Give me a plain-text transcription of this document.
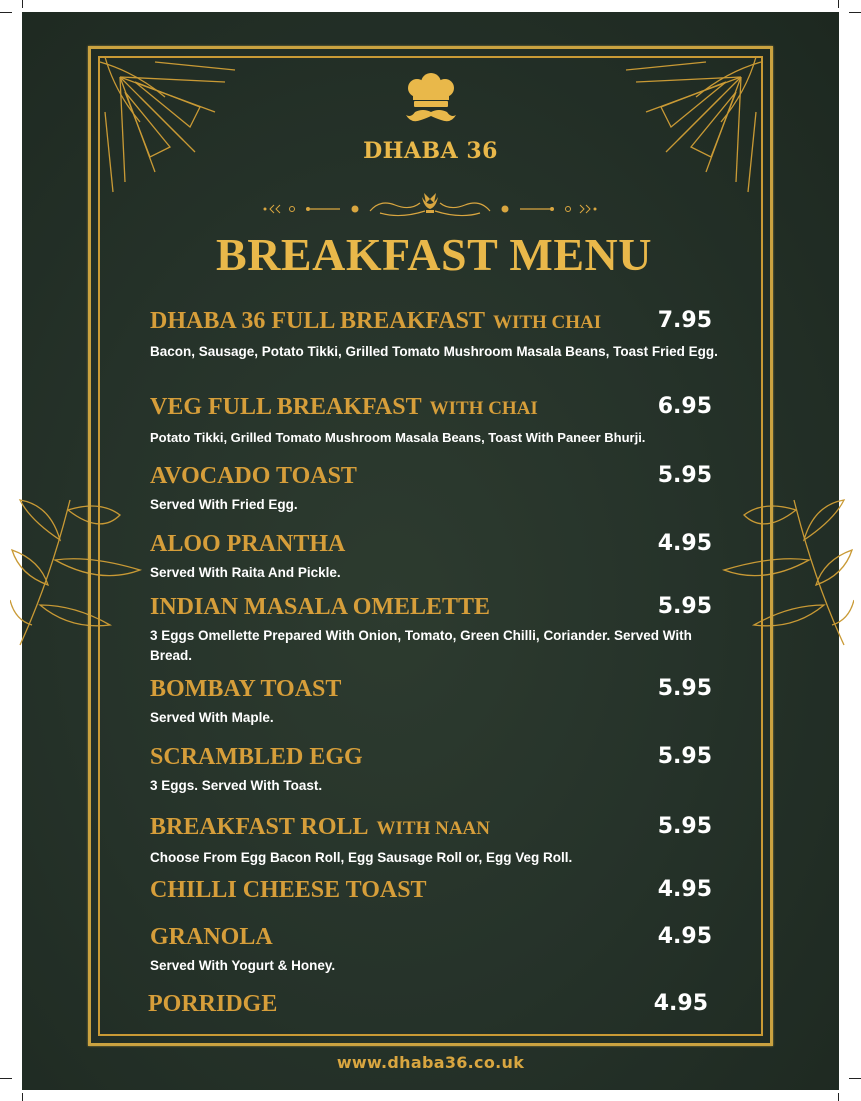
DHABA 36
BREAKFAST MENU
DHABA 36 FULL BREAKFAST WITH CHAI	7.95
Bacon, Sausage, Potato Tikki, Grilled Tomato Mushroom Masala Beans, Toast Fried Egg.
VEG FULL BREAKFAST WITH CHAI	6.95
Potato Tikki, Grilled Tomato Mushroom Masala Beans, Toast With Paneer Bhurji.
AVOCADO TOAST	5.95
Served With Fried Egg.
ALOO PRANTHA	4.95
Served With Raita And Pickle.
INDIAN MASALA OMELETTE	5.95
3 Eggs Omellette Prepared With Onion, Tomato, Green Chilli, Coriander. Served With Bread.
BOMBAY TOAST	5.95
Served With Maple.
SCRAMBLED EGG	5.95
3 Eggs. Served With Toast.
BREAKFAST ROLL WITH NAAN	5.95
Choose From Egg Bacon Roll, Egg Sausage Roll or, Egg Veg Roll.
CHILLI CHEESE TOAST	4.95
GRANOLA	4.95
Served With Yogurt & Honey.
PORRIDGE	4.95
www.dhaba36.co.uk
